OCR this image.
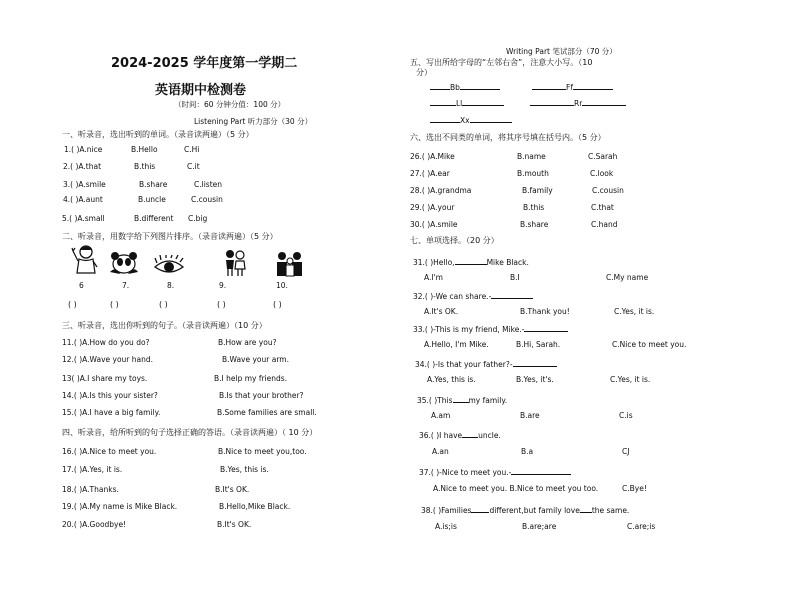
2024-2025 学年度第一学期二
英语期中检测卷
（时间：60 分钟分值：100 分）
Listening Part 听力部分（30 分）
一、听录音，选出听到的单词。（录音读两遍）（5 分）
1.( )A.nice	B.Hello	C.Hi
2.( )A.that	B.this	C.it
3.( )A.smile	B.share	C.listen
4.( )A.aunt	B.uncle	C.cousin
5.( )A.small	B.different C.big
二、听录音，用数字给下列图片排序。（录音读两遍）（5 分）
6	7.	8.	9.	10.
( )	( )	( )	( )	( )
三、听录音，选出你听到的句子。（录音读两遍）（10 分）
11.( )A.How do you do?	B.How are you?
12.( )A.Wave your hand.	B.Wave your arm.
13( )A.I share my toys.	B.I help my friends.
14.( )A.Is this your sister?	B.Is that your brother?
15.( )A.I have a big family.	B.Some families are small.
四、听录音，给所听到的句子选择正确的答语。（录音读两遍）（ 10 分）
16.( )A.Nice to meet you.	B.Nice to meet you,too.
17.( )A.Yes, it is.	B.Yes, this is.
18.( )A.Thanks.	B.It's OK.
19.( )A.My name is Mike Black.	B.Hello,Mike Black.
20.( )A.Goodbye!	B.It's OK.
Writing Part 笔试部分（70 分）
五、写出所给字母的“左邻右舍”，注意大小写。（10
分）
Bb	Ff
Ll	Rr
Xx
六、选出不同类的单词，将其序号填在括号内。（5 分）
26.( )A.Mike	B.name	C.Sarah
27.( )A.ear	B.mouth	C.look
28.( )A.grandma	B.family	C.cousin
29.( )A.your	B.this	C.that
30.( )A.smile	B.share	C.hand
七、单项选择。（20 分）
31.( )Hello,	Mike Black.
A.I'm	B.I	C.My name
32.( )-We can share.-
A.It's OK.	B.Thank you!	C.Yes, it is.
33.( )-This is my friend, Mike.-
A.Hello, I'm Mike.	B.Hi, Sarah.	C.Nice to meet you.
34.( )-Is that your father?-
A.Yes, this is.	B.Yes, it's.	C.Yes, it is.
35.( )This my family.
A.am	B.are	C.is
36.( )I have uncle.
A.an	B.a	CJ
37.( )-Nice to meet you.-
A.Nice to meet you. B.Nice to meet you too.	C.Bye!
38.( )Families different,but family love the same.
A.is;is	B.are;are	C.are;is
